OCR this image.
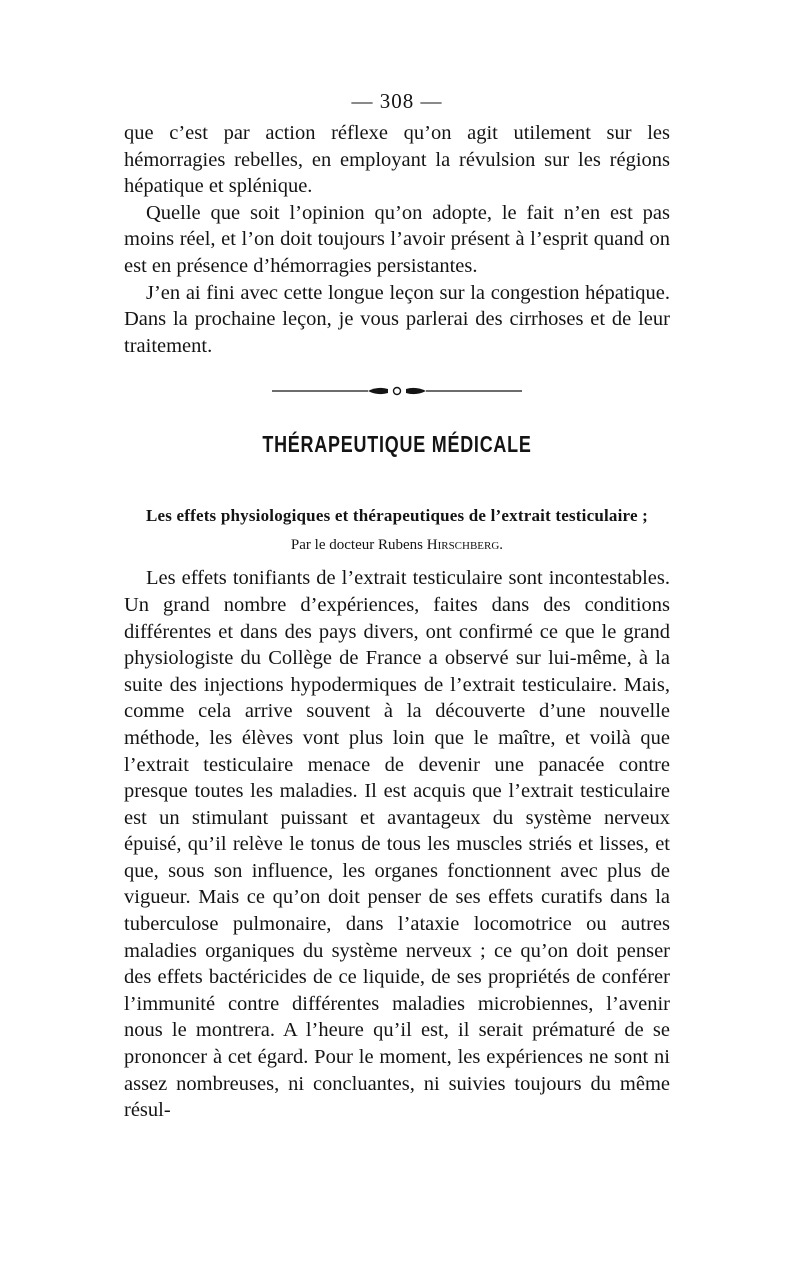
— 308 —

que c’est par action réflexe qu’on agit utilement sur les hémorragies rebelles, en employant la révulsion sur les régions hépatique et splénique.

Quelle que soit l’opinion qu’on adopte, le fait n’en est pas moins réel, et l’on doit toujours l’avoir présent à l’esprit quand on est en présence d’hémorragies persistantes.

J’en ai fini avec cette longue leçon sur la congestion hépatique. Dans la prochaine leçon, je vous parlerai des cirrhoses et de leur traitement.

THÉRAPEUTIQUE MÉDICALE
Les effets physiologiques et thérapeutiques de l’extrait testiculaire ;
Par le docteur Rubens Hirschberg.

Les effets tonifiants de l’extrait testiculaire sont incontestables. Un grand nombre d’expériences, faites dans des conditions différentes et dans des pays divers, ont confirmé ce que le grand physiologiste du Collège de France a observé sur lui-même, à la suite des injections hypodermiques de l’extrait testiculaire. Mais, comme cela arrive souvent à la découverte d’une nouvelle méthode, les élèves vont plus loin que le maître, et voilà que l’extrait testiculaire menace de devenir une panacée contre presque toutes les maladies. Il est acquis que l’extrait testiculaire est un stimulant puissant et avantageux du système nerveux épuisé, qu’il relève le tonus de tous les muscles striés et lisses, et que, sous son influence, les organes fonctionnent avec plus de vigueur. Mais ce qu’on doit penser de ses effets curatifs dans la tuberculose pulmonaire, dans l’ataxie locomotrice ou autres maladies organiques du système nerveux ; ce qu’on doit penser des effets bactéricides de ce liquide, de ses propriétés de conférer l’immunité contre différentes maladies microbiennes, l’avenir nous le montrera. A l’heure qu’il est, il serait prématuré de se prononcer à cet égard. Pour le moment, les expériences ne sont ni assez nombreuses, ni concluantes, ni suivies toujours du même résul-
